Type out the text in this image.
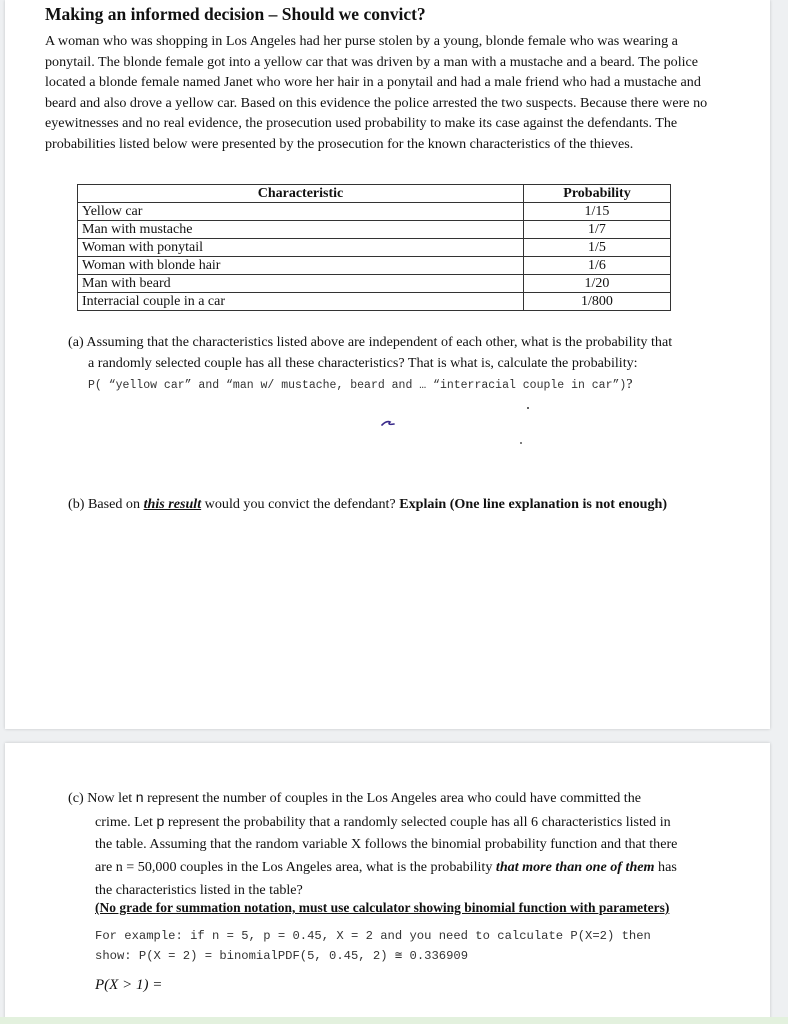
Making an informed decision – Should we convict?

A woman who was shopping in Los Angeles had her purse stolen by a young, blonde female who was wearing a ponytail. The blonde female got into a yellow car that was driven by a man with a mustache and a beard. The police located a blonde female named Janet who wore her hair in a ponytail and had a male friend who had a mustache and beard and also drove a yellow car. Based on this evidence the police arrested the two suspects. Because there were no eyewitnesses and no real evidence, the prosecution used probability to make its case against the defendants. The probabilities listed below were presented by the prosecution for the known characteristics of the thieves.

Characteristic	Probability
Yellow car	1/15
Man with mustache	1/7
Woman with ponytail	1/5
Woman with blonde hair	1/6
Man with beard	1/20
Interracial couple in a car	1/800
(a) Assuming that the characteristics listed above are independent of each other, what is the probability that
a randomly selected couple has all these characteristics? That is what is, calculate the probability:
P( “yellow car” and “man w/ mustache, beard and … “interracial couple in car”)?
(b) Based on this result would you convict the defendant? Explain (One line explanation is not enough)
(c) Now let n represent the number of couples in the Los Angeles area who could have committed the
crime. Let p represent the probability that a randomly selected couple has all 6 characteristics listed in
the table. Assuming that the random variable X follows the binomial probability function and that there
are n = 50,000 couples in the Los Angeles area, what is the probability that more than one of them has
the characteristics listed in the table?

(No grade for summation notation, must use calculator showing binomial function with parameters)

For example: if n = 5, p = 0.45, X = 2 and you need to calculate P(X=2) then
show: P(X = 2) = binomialPDF(5, 0.45, 2) ≅ 0.336909

P(X > 1) =
